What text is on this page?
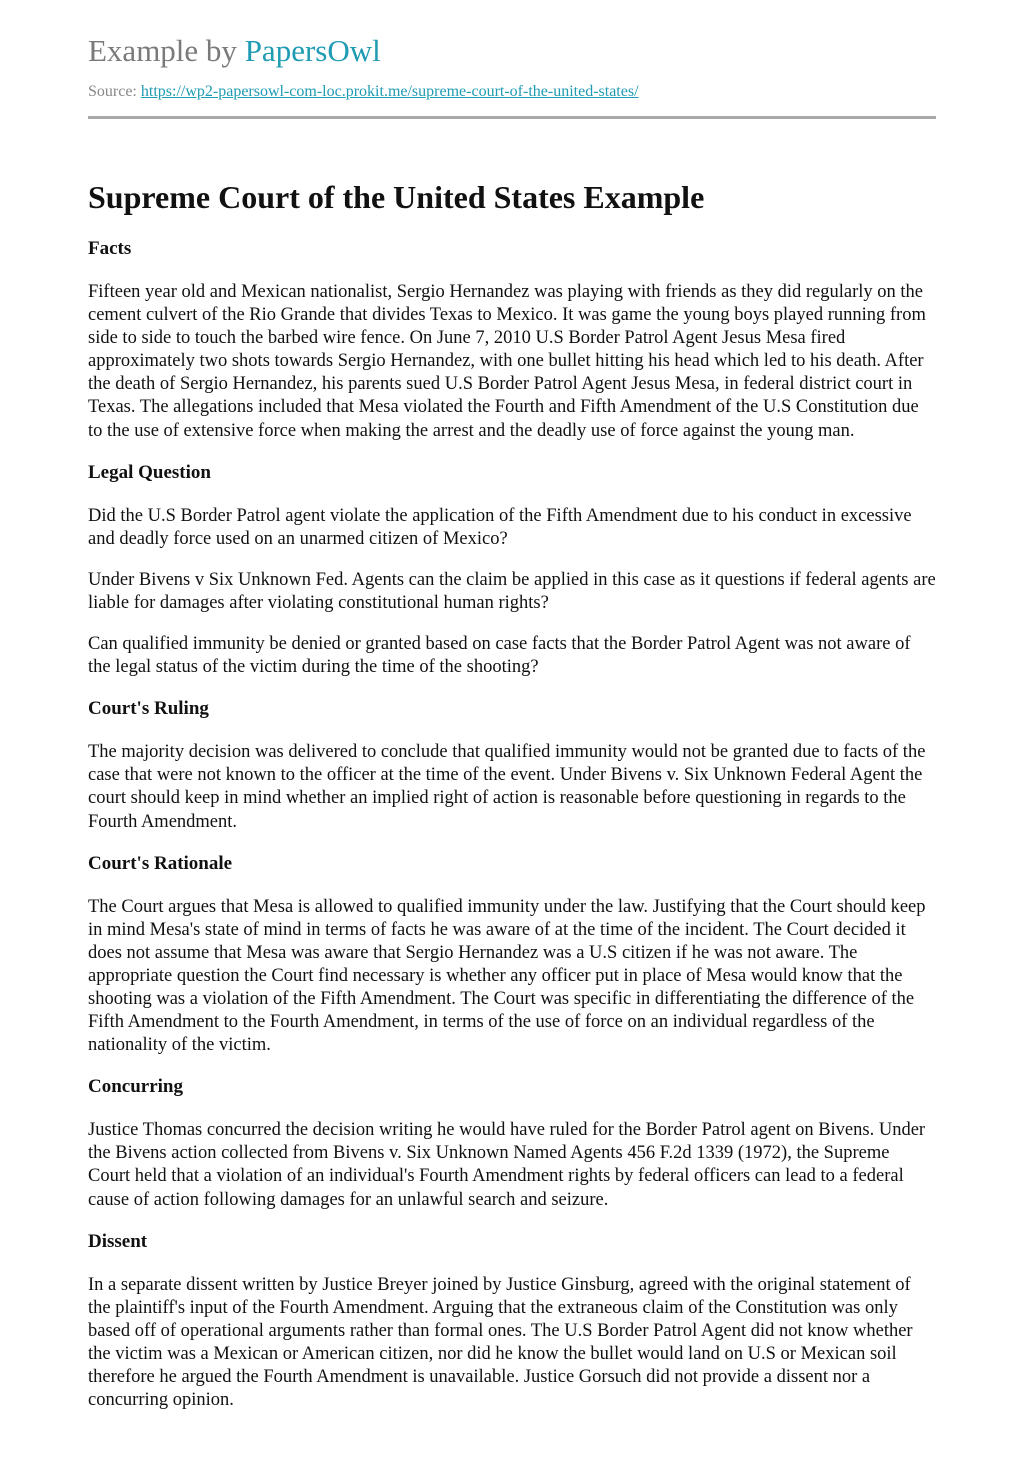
Example by PapersOwl
Source: https://wp2-papersowl-com-loc.prokit.me/supreme-court-of-the-united-states/
Supreme Court of the United States Example
Facts

Fifteen year old and Mexican nationalist, Sergio Hernandez was playing with friends as they did regularly on the cement culvert of the Rio Grande that divides Texas to Mexico. It was game the young boys played running from side to side to touch the barbed wire fence. On June 7, 2010 U.S Border Patrol Agent Jesus Mesa fired approximately two shots towards Sergio Hernandez, with one bullet hitting his head which led to his death. After the death of Sergio Hernandez, his parents sued U.S Border Patrol Agent Jesus Mesa, in federal district court in Texas. The allegations included that Mesa violated the Fourth and Fifth Amendment of the U.S Constitution due to the use of extensive force when making the arrest and the deadly use of force against the young man.

Legal Question

Did the U.S Border Patrol agent violate the application of the Fifth Amendment due to his conduct in excessive and deadly force used on an unarmed citizen of Mexico?

Under Bivens v Six Unknown Fed. Agents can the claim be applied in this case as it questions if federal agents are liable for damages after violating constitutional human rights?

Can qualified immunity be denied or granted based on case facts that the Border Patrol Agent was not aware of the legal status of the victim during the time of the shooting?

Court's Ruling

The majority decision was delivered to conclude that qualified immunity would not be granted due to facts of the case that were not known to the officer at the time of the event. Under Bivens v. Six Unknown Federal Agent the court should keep in mind whether an implied right of action is reasonable before questioning in regards to the Fourth Amendment.

Court's Rationale

The Court argues that Mesa is allowed to qualified immunity under the law. Justifying that the Court should keep in mind Mesa's state of mind in terms of facts he was aware of at the time of the incident. The Court decided it does not assume that Mesa was aware that Sergio Hernandez was a U.S citizen if he was not aware. The appropriate question the Court find necessary is whether any officer put in place of Mesa would know that the shooting was a violation of the Fifth Amendment. The Court was specific in differentiating the difference of the Fifth Amendment to the Fourth Amendment, in terms of the use of force on an individual regardless of the nationality of the victim.

Concurring

Justice Thomas concurred the decision writing he would have ruled for the Border Patrol agent on Bivens. Under the Bivens action collected from Bivens v. Six Unknown Named Agents 456 F.2d 1339 (1972), the Supreme Court held that a violation of an individual's Fourth Amendment rights by federal officers can lead to a federal cause of action following damages for an unlawful search and seizure.

Dissent

In a separate dissent written by Justice Breyer joined by Justice Ginsburg, agreed with the original statement of the plaintiff's input of the Fourth Amendment. Arguing that the extraneous claim of the Constitution was only based off of operational arguments rather than formal ones. The U.S Border Patrol Agent did not know whether the victim was a Mexican or American citizen, nor did he know the bullet would land on U.S or Mexican soil therefore he argued the Fourth Amendment is unavailable. Justice Gorsuch did not provide a dissent nor a concurring opinion.
